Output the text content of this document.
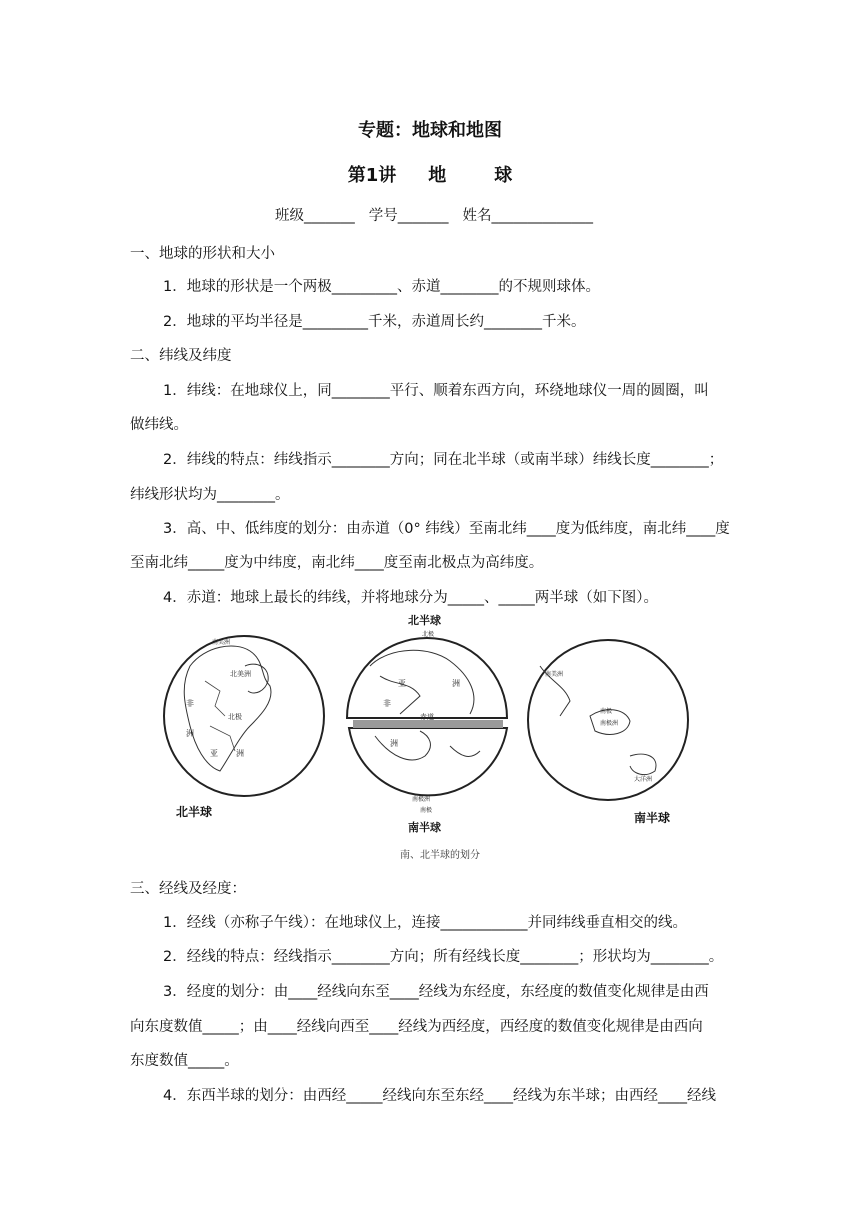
专题：地球和地图
第1讲 地	球
班级_______ 学号_______ 姓名______________
一、地球的形状和大小
1．地球的形状是一个两极_________、赤道________的不规则球体。
2．地球的平均半径是_________千米，赤道周长约________千米。
二、纬线及纬度
1．纬线：在地球仪上，同________平行、顺着东西方向，环绕地球仪一周的圆圈，叫
做纬线。
2．纬线的特点：纬线指示________方向；同在北半球（或南半球）纬线长度________；
纬线形状均为________。
3．高、中、低纬度的划分：由赤道（0° 纬线）至南北纬____度为低纬度，南北纬____度
至南北纬_____度为中纬度，南北纬____度至南北极点为高纬度。
4．赤道：地球上最长的纬线，并将地球分为_____、_____两半球（如下图）。
北美洲
北极
非
洲
亚 洲
南美洲
北半球
北半球
北极
亚	洲
非
洲
赤道
南极洲
南极
南半球
南美洲
南极
南极洲
大洋洲
南半球
南、北半球的划分
三、经线及经度：
1．经线（亦称子午线）：在地球仪上，连接____________并同纬线垂直相交的线。
2．经线的特点：经线指示________方向；所有经线长度________；形状均为________。
3．经度的划分：由____经线向东至____经线为东经度，东经度的数值变化规律是由西
向东度数值_____；由____经线向西至____经线为西经度，西经度的数值变化规律是由西向
东度数值_____。
4．东西半球的划分：由西经_____经线向东至东经____经线为东半球；由西经____经线
